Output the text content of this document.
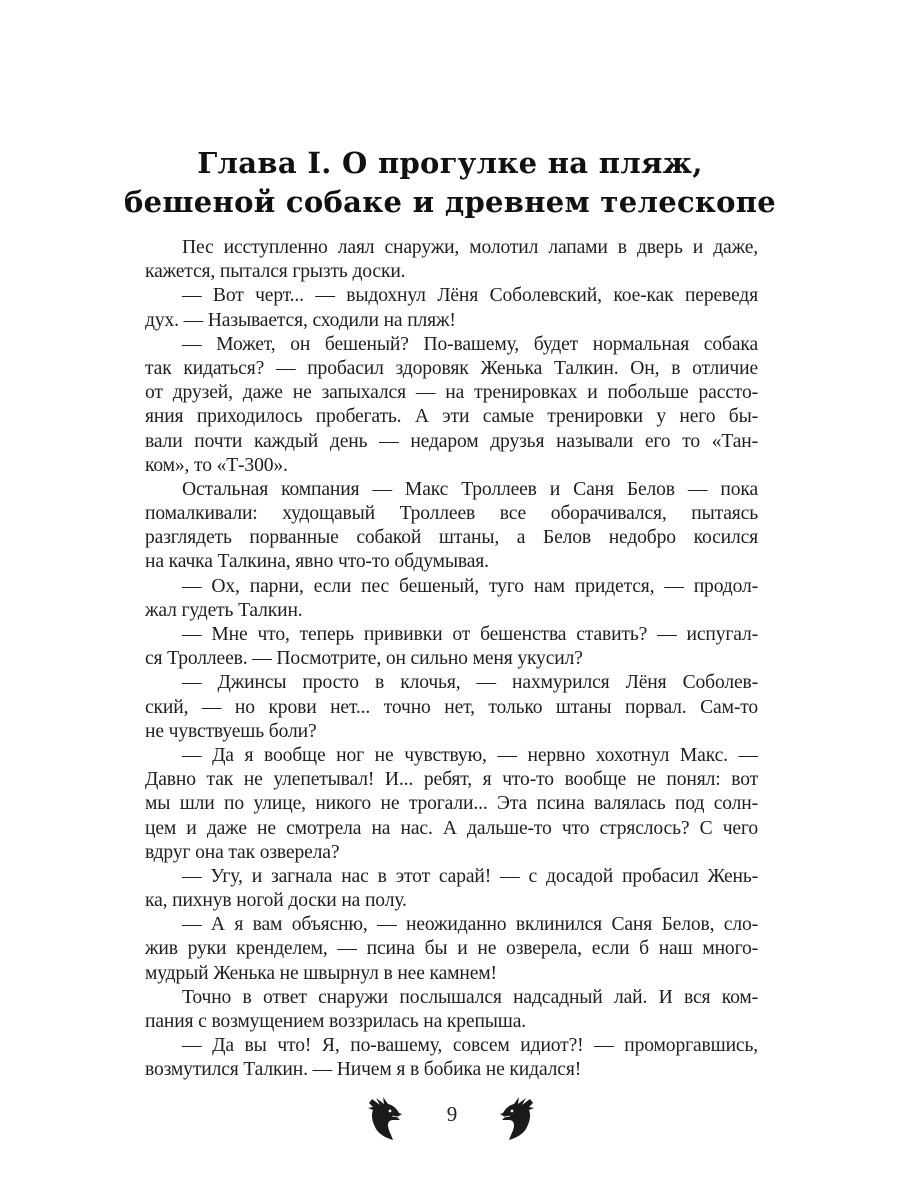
Глава I. О прогулке на пляж,
бешеной собаке и древнем телескопе
Пес исступленно лаял снаружи, молотил лапами в дверь и даже,
кажется, пытался грызть доски.
— Вот черт... — выдохнул Лёня Соболевский, кое-как переведя
дух. — Называется, сходили на пляж!
— Может, он бешеный? По-вашему, будет нормальная собака
так кидаться? — пробасил здоровяк Женька Талкин. Он, в отличие
от друзей, даже не запыхался — на тренировках и побольше рассто-
яния приходилось пробегать. А эти самые тренировки у него бы-
вали почти каждый день — недаром друзья называли его то «Тан-
ком», то «Т-300».
Остальная компания — Макс Троллеев и Саня Белов — пока
помалкивали: худощавый Троллеев все оборачивался, пытаясь
разглядеть порванные собакой штаны, а Белов недобро косился
на качка Талкина, явно что-то обдумывая.
— Ох, парни, если пес бешеный, туго нам придется, — продол-
жал гудеть Талкин.
— Мне что, теперь прививки от бешенства ставить? — испугал-
ся Троллеев. — Посмотрите, он сильно меня укусил?
— Джинсы просто в клочья, — нахмурился Лёня Соболев-
ский, — но крови нет... точно нет, только штаны порвал. Сам-то
не чувствуешь боли?
— Да я вообще ног не чувствую, — нервно хохотнул Макс. —
Давно так не улепетывал! И... ребят, я что-то вообще не понял: вот
мы шли по улице, никого не трогали... Эта псина валялась под солн-
цем и даже не смотрела на нас. А дальше-то что стряслось? С чего
вдруг она так озверела?
— Угу, и загнала нас в этот сарай! — с досадой пробасил Жень-
ка, пихнув ногой доски на полу.
— А я вам объясню, — неожиданно вклинился Саня Белов, сло-
жив руки кренделем, — псина бы и не озверела, если б наш много-
мудрый Женька не швырнул в нее камнем!
Точно в ответ снаружи послышался надсадный лай. И вся ком-
пания с возмущением воззрилась на крепыша.
— Да вы что! Я, по-вашему, совсем идиот?! — проморгавшись,
возмутился Талкин. — Ничем я в бобика не кидался!
9
